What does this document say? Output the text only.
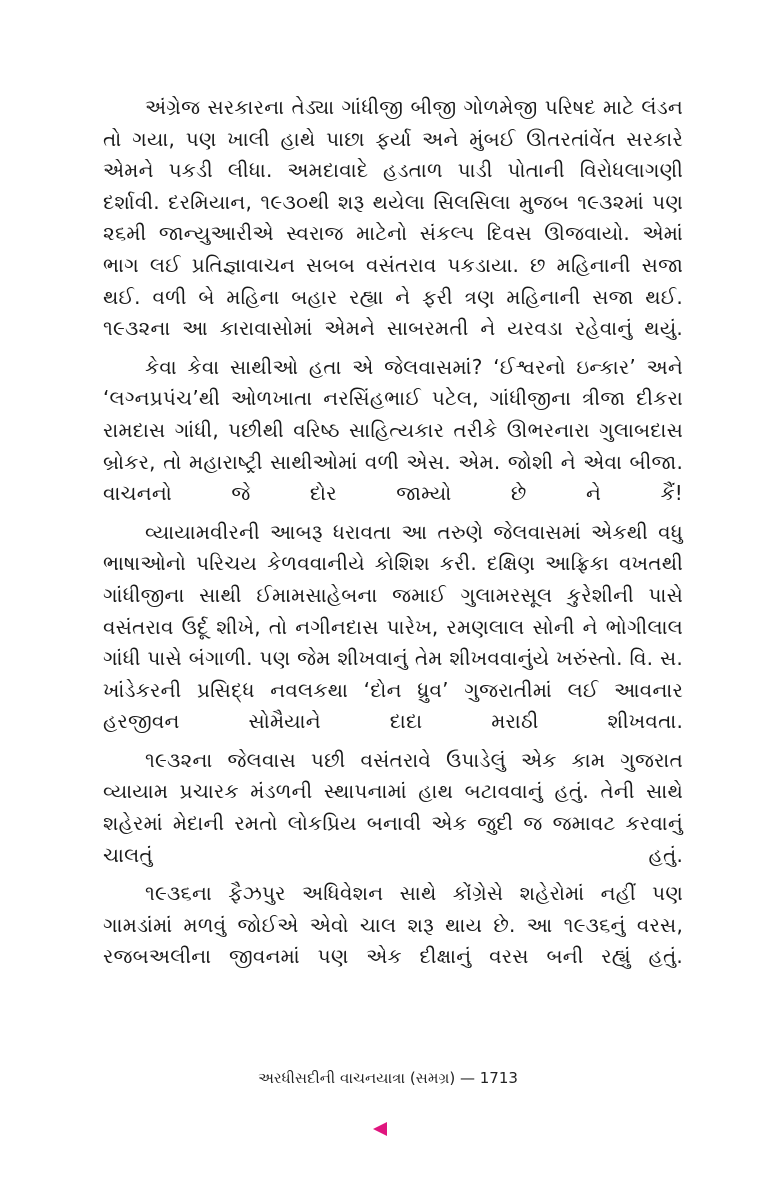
અંગ્રેજ સરકારના તેડ્યા ગાંધીજી બીજી ગોળમેજી પરિષદ માટે લંડન તો ગયા, પણ ખાલી હાથે પાછા ફર્યા અને મુંબઈ ઊતરતાંવેંત સરકારે એમને પકડી લીધા. અમદાવાદે હડતાળ પાડી પોતાની વિરોધલાગણી દર્શાવી. દરમિયાન, ૧૯૩૦થી શરૂ થયેલા સિલસિલા મુજબ ૧૯૩૨માં પણ ૨૬મી જાન્યુઆરીએ સ્વરાજ માટેનો સંકલ્પ દિવસ ઊજવાયો. એમાં ભાગ લઈ પ્રતિજ્ઞાવાચન સબબ વસંતરાવ પકડાયા. છ મહિનાની સજા થઈ. વળી બે મહિના બહાર રહ્યા ને ફરી ત્રણ મહિનાની સજા થઈ. ૧૯૩૨ના આ કારાવાસોમાં એમને સાબરમતી ને યરવડા રહેવાનું થયું.

કેવા કેવા સાથીઓ હતા એ જેલવાસમાં? ‘ઈશ્વરનો ઇન્કાર’ અને ‘લગ્નપ્રપંચ’થી ઓળખાતા નરસિંહભાઈ પટેલ, ગાંધીજીના ત્રીજા દીકરા રામદાસ ગાંધી, પછીથી વરિષ્ઠ સાહિત્યકાર તરીકે ઊભરનારા ગુલાબદાસ બ્રોકર, તો મહારાષ્ટ્રી સાથીઓમાં વળી એસ. એમ. જોશી ને એવા બીજા. વાચનનો જે દોર જામ્યો છે ને કૈં!

વ્યાયામવીરની આબરૂ ધરાવતા આ તરુણે જેલવાસમાં એકથી વધુ ભાષાઓનો પરિચય કેળવવાનીયે કોશિશ કરી. દક્ષિણ આફ્રિકા વખતથી ગાંધીજીના સાથી ઈમામસાહેબના જમાઈ ગુલામરસૂલ કુરેશીની પાસે વસંતરાવ ઉર્દૂ શીખે, તો નગીનદાસ પારેખ, રમણલાલ સોની ને ભોગીલાલ ગાંધી પાસે બંગાળી. પણ જેમ શીખવાનું તેમ શીખવવાનુંયે ખરુંસ્તો. વિ. સ. ખાંડેકરની પ્રસિદ્ધ નવલકથા ‘દોન ધ્રુવ’ ગુજરાતીમાં લઈ આવનાર હરજીવન સોમૈયાને દાદા મરાઠી શીખવતા.

૧૯૩૨ના જેલવાસ પછી વસંતરાવે ઉપાડેલું એક કામ ગુજરાત વ્યાયામ પ્રચારક મંડળની સ્થાપનામાં હાથ બટાવવાનું હતું. તેની સાથે શહેરમાં મેદાની રમતો લોકપ્રિય બનાવી એક જુદી જ જમાવટ કરવાનું ચાલતું હતું.

૧૯૩૬ના ફૈઝપુર અધિવેશન સાથે કોંગ્રેસે શહેરોમાં નહીં પણ ગામડાંમાં મળવું જોઈએ એવો ચાલ શરૂ થાય છે. આ ૧૯૩૬નું વરસ, રજબઅલીના જીવનમાં પણ એક દીક્ષાનું વરસ બની રહ્યું હતું.

અરધીસદીની વાચનયાત્રા (સમગ્ર) — 1713
